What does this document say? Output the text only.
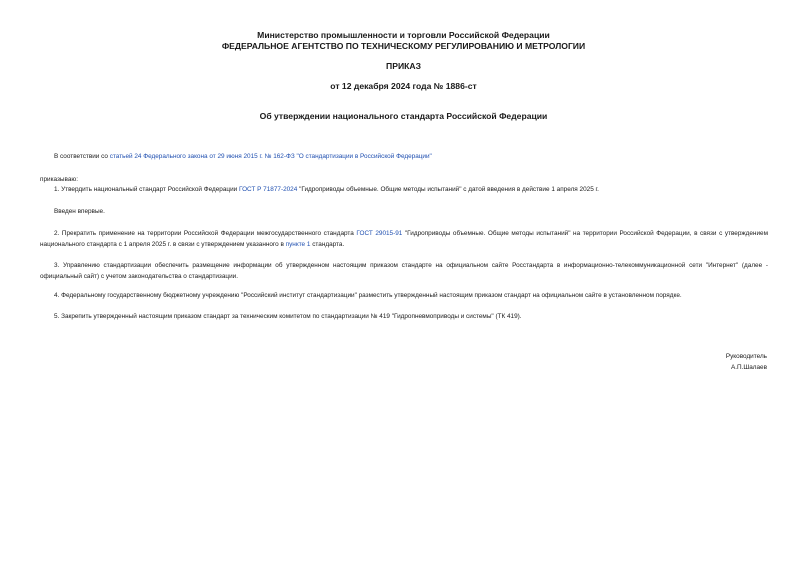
Министерство промышленности и торговли Российской Федерации
ФЕДЕРАЛЬНОЕ АГЕНТСТВО ПО ТЕХНИЧЕСКОМУ РЕГУЛИРОВАНИЮ И МЕТРОЛОГИИ
ПРИКАЗ
от 12 декабря 2024 года № 1886-ст
Об утверждении национального стандарта Российской Федерации
В соответствии со статьей 24 Федерального закона от 29 июня 2015 г. № 162-ФЗ "О стандартизации в Российской Федерации"
приказываю:
1. Утвердить национальный стандарт Российской Федерации ГОСТ Р 71877-2024 "Гидроприводы объемные. Общие методы испытаний" с датой введения в действие 1 апреля 2025 г.
Введен впервые.
2. Прекратить применение на территории Российской Федерации межгосударственного стандарта ГОСТ 29015-91 "Гидроприводы объемные. Общие методы испытаний" на территории Российской Федерации, в связи с утверждением национального стандарта с 1 апреля 2025 г. в связи с утверждением указанного в пункте 1 стандарта.
3. Управлению стандартизации обеспечить размещение информации об утвержденном настоящим приказом стандарте на официальном сайте Росстандарта в информационно-телекоммуникационной сети "Интернет" (далее - официальный сайт) с учетом законодательства о стандартизации.
4. Федеральному государственному бюджетному учреждению "Российский институт стандартизации" разместить утвержденный настоящим приказом стандарт на официальном сайте в установленном порядке.
5. Закрепить утвержденный настоящим приказом стандарт за техническим комитетом по стандартизации № 419 "Гидропневмоприводы и системы" (ТК 419).
Руководитель
А.П.Шалаев
